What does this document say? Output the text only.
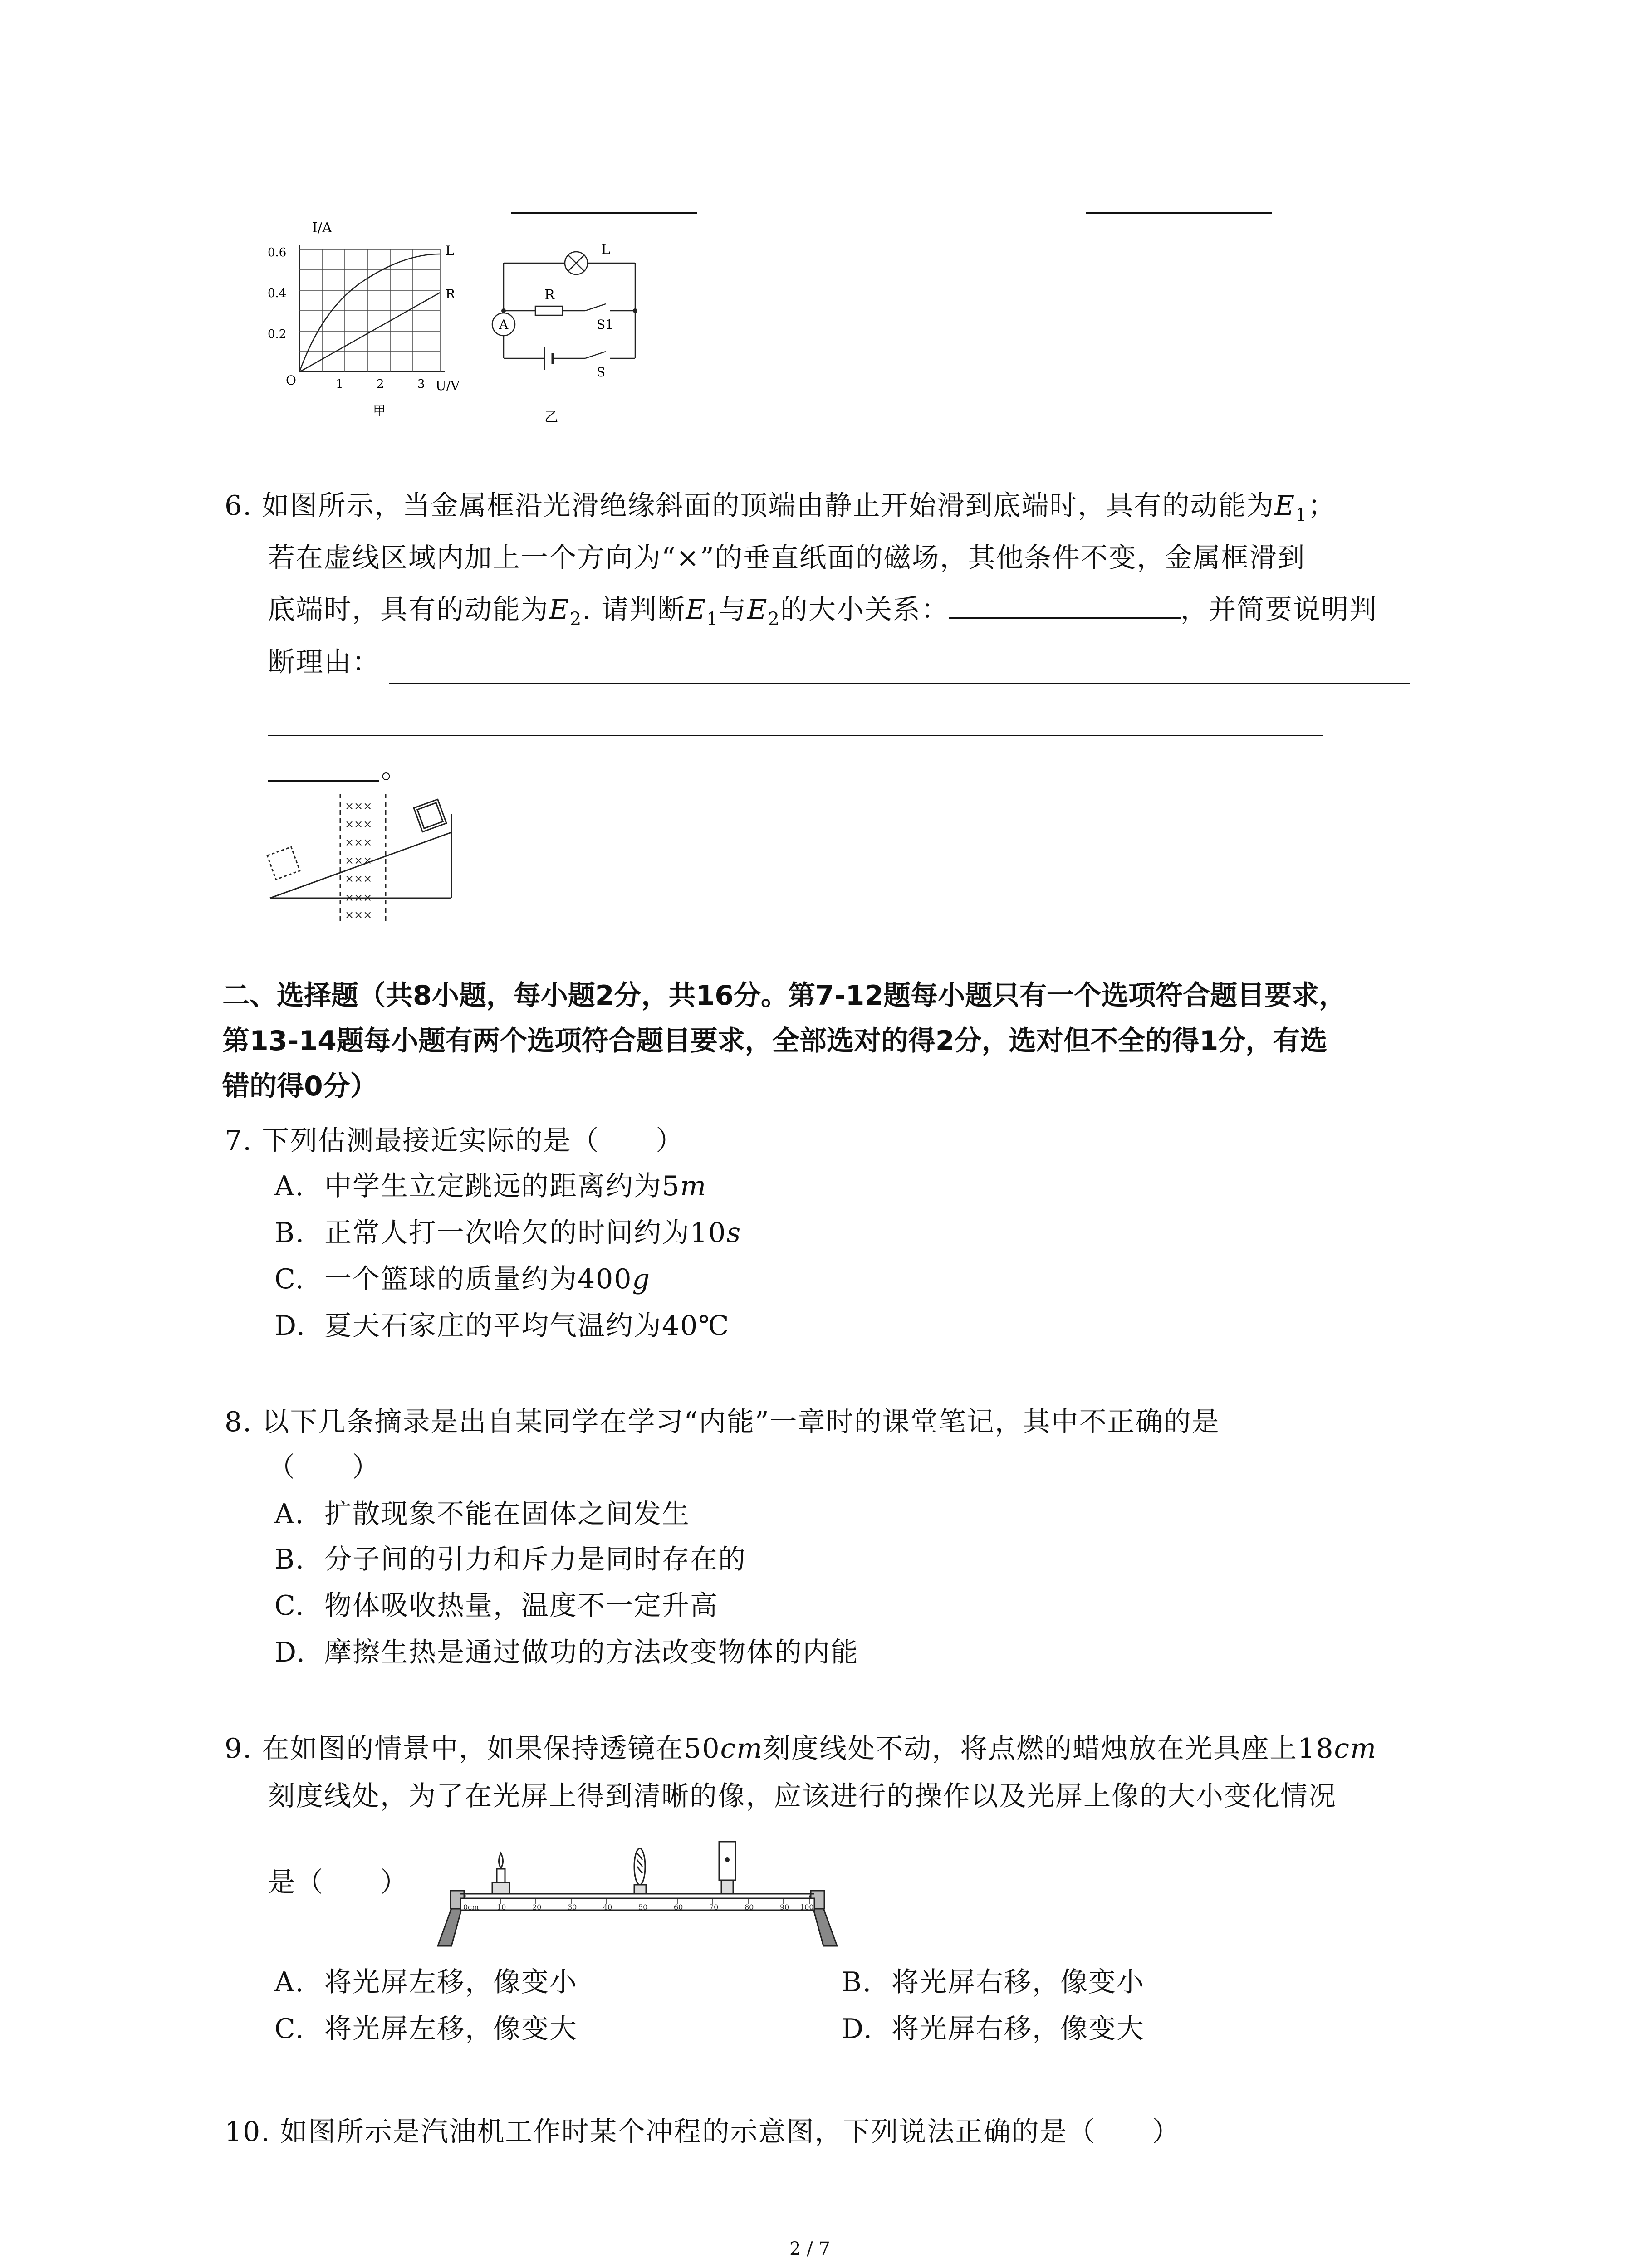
I/A
L
R
0.6
0.4
0.2
O	1	2	3 U/V
甲
L
R
S1
A
S
乙
6. 如图所示，当金属框沿光滑绝缘斜面的顶端由静止开始滑到底端时，具有的动能为$E_1$；
若在虚线区域内加上一个方向为“×”的垂直纸面的磁场，其他条件不变，金属框滑到
底端时，具有的动能为$E_2$. 请判断$E_1$与$E_2$的大小关系：	，并简要说明判
断理由：
。
×××
×××
×××
×××
×××
×××
×××
二、选择题（共8小题，每小题2分，共16分。第7-12题每小题只有一个选项符合题目要求，
第13-14题每小题有两个选项符合题目要求，全部选对的得2分，选对但不全的得1分，有选
错的得0分）
7. 下列估测最接近实际的是（　　）
A. 中学生立定跳远的距离约为5m
B. 正常人打一次哈欠的时间约为10s
C. 一个篮球的质量约为400g
D. 夏天石家庄的平均气温约为40℃
8. 以下几条摘录是出自某同学在学习“内能”一章时的课堂笔记，其中不正确的是
（　　）
A. 扩散现象不能在固体之间发生
B. 分子间的引力和斥力是同时存在的
C. 物体吸收热量，温度不一定升高
D. 摩擦生热是通过做功的方法改变物体的内能
9. 在如图的情景中，如果保持透镜在50cm刻度线处不动，将点燃的蜡烛放在光具座上18cm
刻度线处，为了在光屏上得到清晰的像，应该进行的操作以及光屏上像的大小变化情况
是（　　）
0cm 10	20	30	40	50	60	70	80	90 100
A. 将光屏左移，像变小	B. 将光屏右移，像变小
C. 将光屏左移，像变大	D. 将光屏右移，像变大
10. 如图所示是汽油机工作时某个冲程的示意图，下列说法正确的是（　　）
2 / 7
